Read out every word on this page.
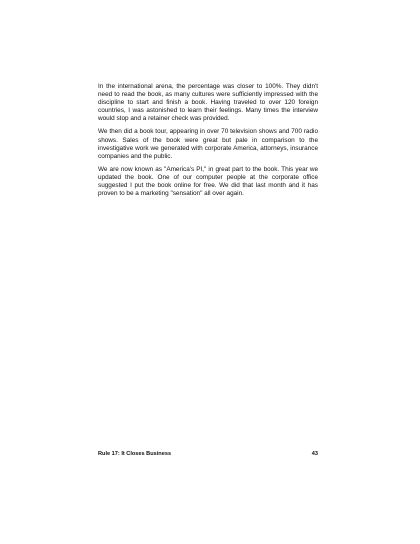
In the international arena, the percentage was closer to 100%. They didn't need to read the book, as many cultures were sufficiently impressed with the discipline to start and finish a book. Having traveled to over 120 foreign countries, I was astonished to learn their feelings. Many times the interview would stop and a retainer check was provided.

We then did a book tour, appearing in over 70 television shows and 700 radio shows. Sales of the book were great but pale in comparison to the investigative work we generated with corporate America, attorneys, insurance companies and the public.

We are now known as "America's PI," in great part to the book. This year we updated the book. One of our computer people at the corporate office suggested I put the book online for free. We did that last month and it has proven to be a marketing "sensation" all over again.

Rule 17: It Closes Business	43
